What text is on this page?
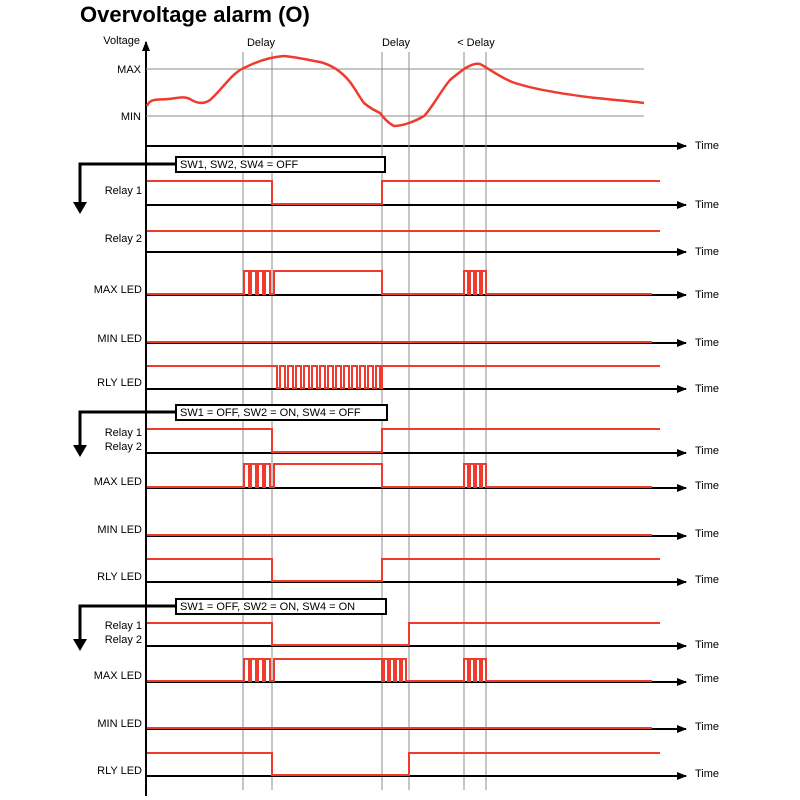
Overvoltage alarm (O)
Voltage
MAX
MIN
Time
Delay	Delay	< Delay
SW1, SW2, SW4 = OFF
Relay 1
Time
Relay 2
Time
MAX LED	Time
MIN LED	Time
RLY LED	Time
SW1 = OFF, SW2 = ON, SW4 = OFF
Relay 1
Relay 2	Time
MAX LED	Time
MIN LED	Time
RLY LED	Time
SW1 = OFF, SW2 = ON, SW4 = ON
Relay 1
Relay 2	Time
MAX LED	Time
MIN LED	Time
RLY LED	Time
